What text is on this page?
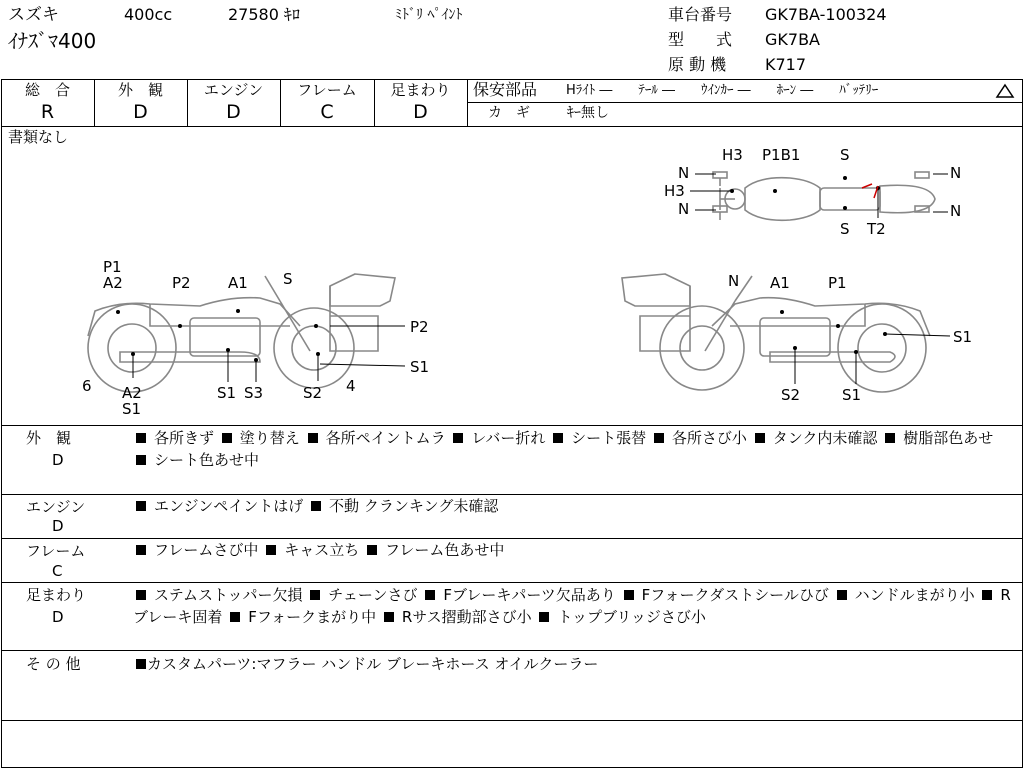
スズキ	400cc	27580 ｷﾛ	ﾐﾄﾞﾘ ﾍﾟｲﾝﾄ
ｲﾅｽﾞﾏ400
車台番号 GK7BA-100324
型　　式 GK7BA
原 動 機 K717
総　合
R
外　観
D
エンジン
D
フレーム
C
足まわり
D
保安部品 Hﾗｲﾄ ―　　ﾃｰﾙ ―　　ｳｲﾝｶｰ ―　　ﾎｰﾝ ―　　ﾊﾞｯﾃﾘｰ
カ　ギ	ｷｰ無し
書類なし
N
H3
H3
N
P1B1	S
N
N
S T2
P1
A2	P2 A1 S
P2
S1
6 A2
S1
S1 S3	S2 4
N A1	P1
S1
S2	S1
外　観
D
各所きず 塗り替え 各所ペイントムラ レバー折れ シート張替 各所さび小 タンク内未確認 樹脂部色あせ シート色あせ中
エンジン
D
エンジンペイントはげ 不動 クランキング未確認
フレーム
C
フレームさび中 キャス立ち フレーム色あせ中
足まわり
D
ステムストッパー欠損 チェーンさび Fブレーキパーツ欠品あり Fフォークダストシールひび ハンドルまがり小 Rブレーキ固着 Fフォークまがり中 Rサス摺動部さび小 トップブリッジさび小
そ の 他	カスタムパーツ:マフラー ハンドル ブレーキホース オイルクーラー
